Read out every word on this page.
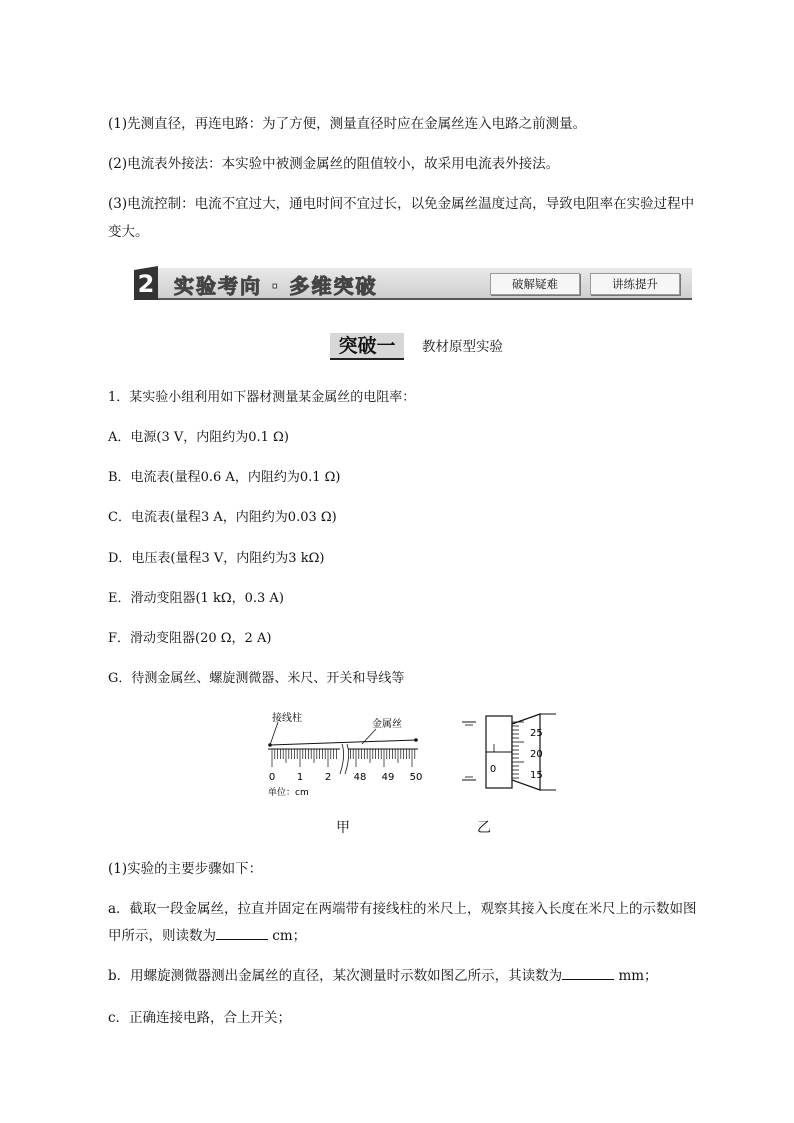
(1)先测直径，再连电路：为了方便，测量直径时应在金属丝连入电路之前测量。

(2)电流表外接法：本实验中被测金属丝的阻值较小，故采用电流表外接法。

(3)电流控制：电流不宜过大，通电时间不宜过长，以免金属丝温度过高，导致电阻率在实验过程中

变大。

2 实验考向 · 多维突破	破解疑难	讲练提升
突破一	教材原型实验

1．某实验小组利用如下器材测量某金属丝的电阻率：

A．电源(3 V，内阻约为0.1 Ω)

B．电流表(量程0.6 A，内阻约为0.1 Ω)

C．电流表(量程3 A，内阻约为0.03 Ω)

D．电压表(量程3 V，内阻约为3 kΩ)

E．滑动变阻器(1 kΩ，0.3 A)

F．滑动变阻器(20 Ω，2 A)

G．待测金属丝、螺旋测微器、米尺、开关和导线等

接线柱
金属丝
0 1 2 48 49 50
单位：cm
0
25
20
15
甲	乙

(1)实验的主要步骤如下：

a．截取一段金属丝，拉直并固定在两端带有接线柱的米尺上，观察其接入长度在米尺上的示数如图

甲所示，则读数为	cm；

b．用螺旋测微器测出金属丝的直径，某次测量时示数如图乙所示，其读数为	mm；

c．正确连接电路，合上开关；
